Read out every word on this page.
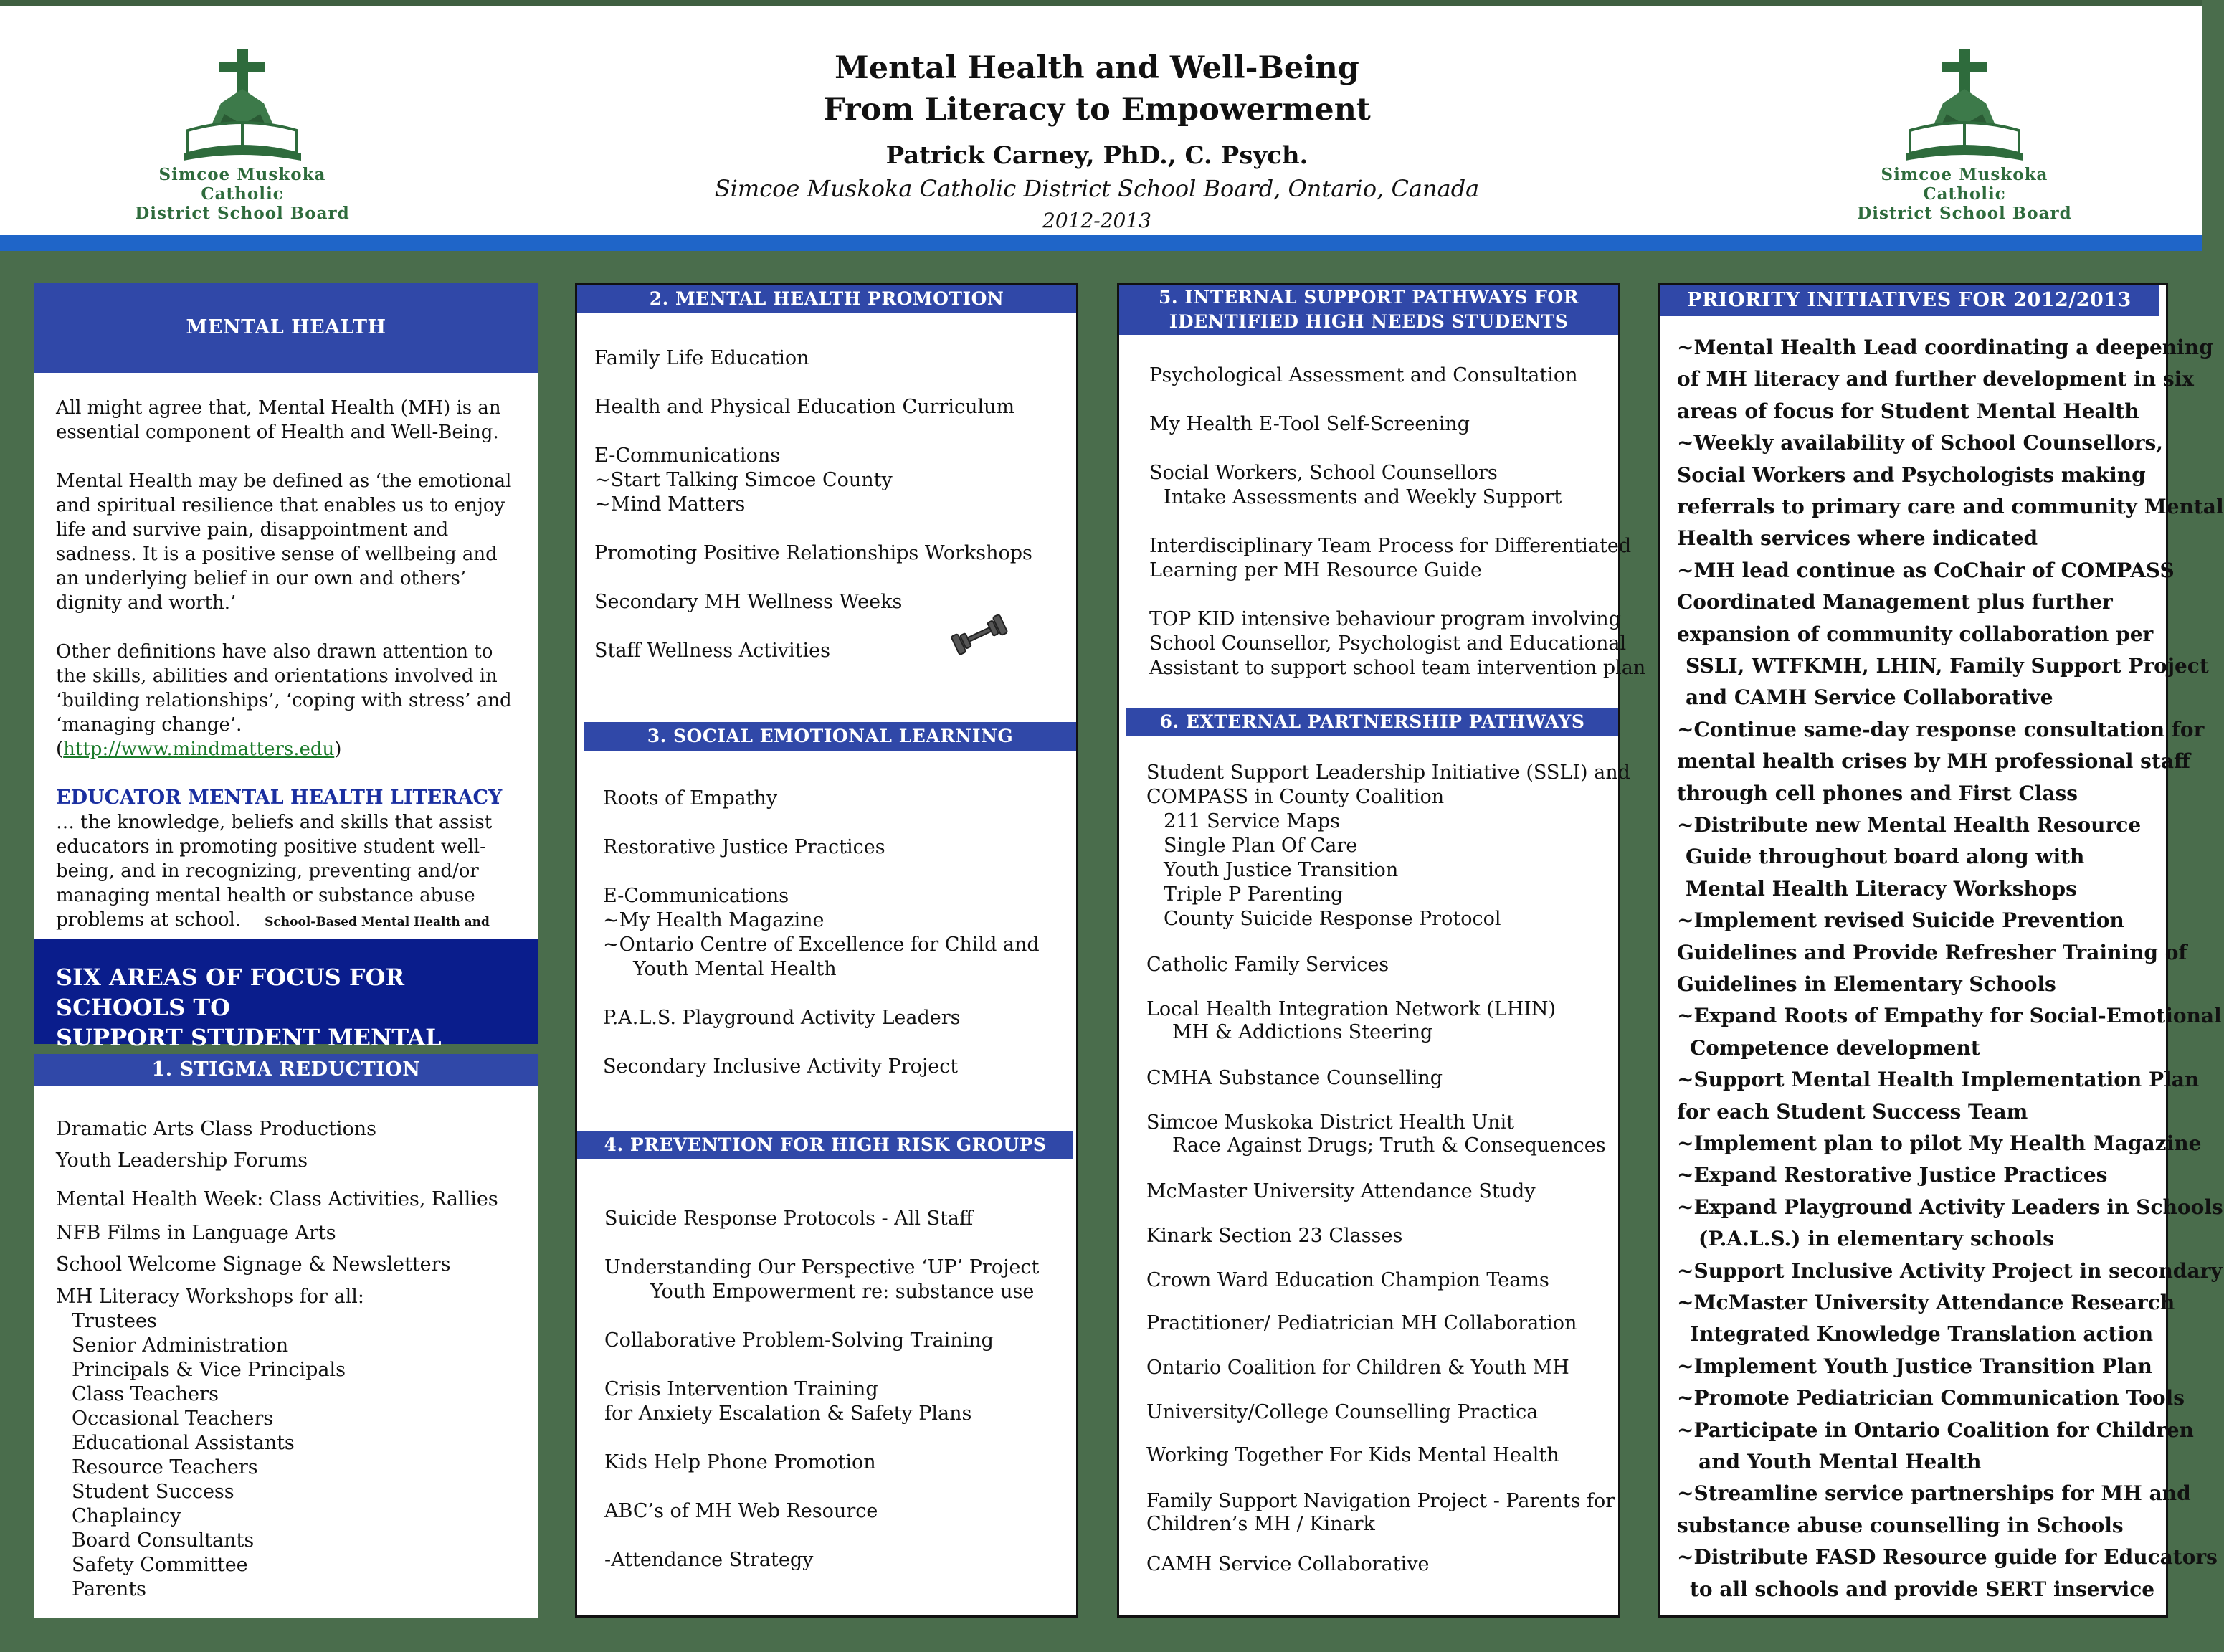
Simcoe Muskoka Catholic
District School Board
Mental Health and Well-Being
From Literacy to Empowerment
Patrick Carney, PhD., C. Psych.
Simcoe Muskoka Catholic District School Board, Ontario, Canada
2012-2013
Simcoe Muskoka Catholic
District School Board
MENTAL HEALTH
All might agree that, Mental Health (MH) is an essential component of Health and Well-Being.
Mental Health may be defined as ‘the emotional and spiritual resilience that enables us to enjoy life and survive pain, disappointment and sadness. It is a positive sense of wellbeing and an underlying belief in our own and others’ dignity and worth.’
Other definitions have also drawn attention to the skills, abilities and orientations involved in ‘building relationships’, ‘coping with stress’ and ‘managing change’.(http://www.mindmatters.edu)
EDUCATOR MENTAL HEALTH LITERACY
… the knowledge, beliefs and skills that assist educators in promoting positive student well-being, and in recognizing, preventing and/or managing mental health or substance abuse problems at school. School-Based Mental Health and
SIX AREAS OF FOCUS FOR SCHOOLS TO
SUPPORT STUDENT MENTAL
1. STIGMA REDUCTION
Dramatic Arts Class Productions
Youth Leadership Forums
Mental Health Week: Class Activities, Rallies
NFB Films in Language Arts
School Welcome Signage & Newsletters
MH Literacy Workshops for all:
Trustees
Senior Administration
Principals & Vice Principals
Class Teachers
Occasional Teachers
Educational Assistants
Resource Teachers
Student Success
Chaplaincy
Board Consultants
Safety Committee
Parents
2. MENTAL HEALTH PROMOTION
Family Life Education
Health and Physical Education Curriculum
E-Communications
~Start Talking Simcoe County
~Mind Matters
Promoting Positive Relationships Workshops
Secondary MH Wellness Weeks
Staff Wellness Activities
3. SOCIAL EMOTIONAL LEARNING
Roots of Empathy
Restorative Justice Practices
E-Communications
~My Health Magazine
~Ontario Centre of Excellence for Child and
Youth Mental Health
P.A.L.S. Playground Activity Leaders
Secondary Inclusive Activity Project
4. PREVENTION FOR HIGH RISK GROUPS
Suicide Response Protocols - All Staff
Understanding Our Perspective ‘UP’ Project
Youth Empowerment re: substance use
Collaborative Problem-Solving Training
Crisis Intervention Training
for Anxiety Escalation & Safety Plans
Kids Help Phone Promotion
ABC’s of MH Web Resource
-Attendance Strategy
5. INTERNAL SUPPORT PATHWAYS FOR
IDENTIFIED HIGH NEEDS STUDENTS
Psychological Assessment and Consultation
My Health E-Tool Self-Screening
Social Workers, School Counsellors
Intake Assessments and Weekly Support
Interdisciplinary Team Process for Differentiated
Learning per MH Resource Guide
TOP KID intensive behaviour program involving
School Counsellor, Psychologist and Educational
Assistant to support school team intervention plan
6. EXTERNAL PARTNERSHIP PATHWAYS
Student Support Leadership Initiative (SSLI) and
COMPASS in County Coalition
211 Service Maps
Single Plan Of Care
Youth Justice Transition
Triple P Parenting
County Suicide Response Protocol
Catholic Family Services
Local Health Integration Network (LHIN)
MH & Addictions Steering
CMHA Substance Counselling
Simcoe Muskoka District Health Unit
Race Against Drugs; Truth & Consequences
McMaster University Attendance Study
Kinark Section 23 Classes
Crown Ward Education Champion Teams
Practitioner/ Pediatrician MH Collaboration
Ontario Coalition for Children & Youth MH
University/College Counselling Practica
Working Together For Kids Mental Health
Family Support Navigation Project - Parents for
Children’s MH / Kinark
CAMH Service Collaborative
PRIORITY INITIATIVES FOR 2012/2013
~Mental Health Lead coordinating a deepening
of MH literacy and further development in six
areas of focus for Student Mental Health
~Weekly availability of School Counsellors,
Social Workers and Psychologists making
referrals to primary care and community Mental
Health services where indicated
~MH lead continue as CoChair of COMPASS
Coordinated Management plus further
expansion of community collaboration per
SSLI, WTFKMH, LHIN, Family Support Project
and CAMH Service Collaborative
~Continue same-day response consultation for
mental health crises by MH professional staff
through cell phones and First Class
~Distribute new Mental Health Resource
Guide throughout board along with
Mental Health Literacy Workshops
~Implement revised Suicide Prevention
Guidelines and Provide Refresher Training of
Guidelines in Elementary Schools
~Expand Roots of Empathy for Social-Emotional
Competence development
~Support Mental Health Implementation Plan
for each Student Success Team
~Implement plan to pilot My Health Magazine
~Expand Restorative Justice Practices
~Expand Playground Activity Leaders in Schools
(P.A.L.S.) in elementary schools
~Support Inclusive Activity Project in secondary
~McMaster University Attendance Research
Integrated Knowledge Translation action
~Implement Youth Justice Transition Plan
~Promote Pediatrician Communication Tools
~Participate in Ontario Coalition for Children
and Youth Mental Health
~Streamline service partnerships for MH and
substance abuse counselling in Schools
~Distribute FASD Resource guide for Educators
to all schools and provide SERT inservice
